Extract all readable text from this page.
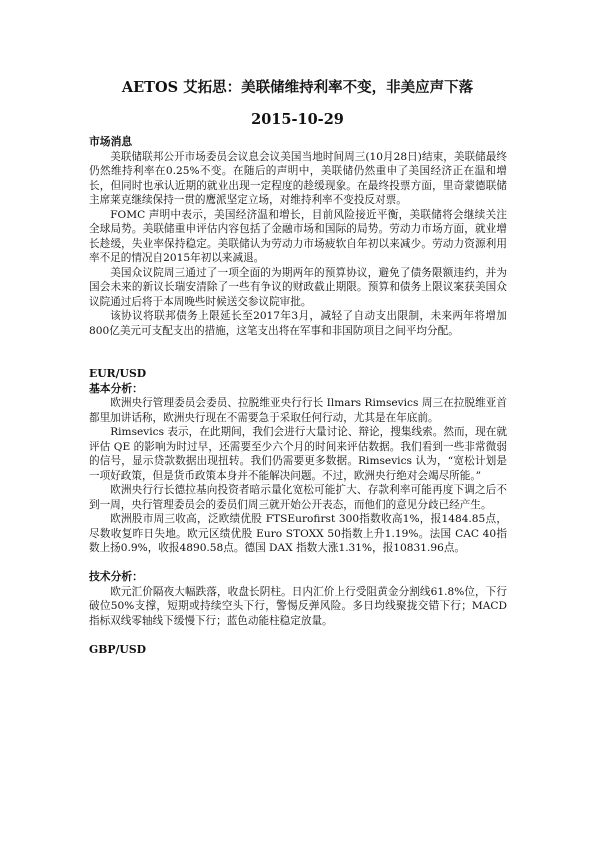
AETOS 艾拓思：美联储维持利率不变，非美应声下落
2015-10-29
市场消息

美联储联邦公开市场委员会议息会议美国当地时间周三(10月28日)结束，美联储最终仍然维持利率在0.25%不变。在随后的声明中，美联储仍然重申了美国经济正在温和增长，但同时也承认近期的就业出现一定程度的趁缓现象。在最终投票方面，里奇蒙德联储主席莱克继续保持一贯的鹰派坚定立场，对维持利率不变投反对票。

FOMC 声明中表示，美国经济温和增长，目前风险接近平衡，美联储将会继续关注全球局势。美联储重申评估内容包括了金融市场和国际的局势。劳动力市场方面，就业增长趁缓，失业率保持稳定。美联储认为劳动力市场疲软自年初以来减少。劳动力资源利用率不足的情况自2015年初以来减退。

美国众议院周三通过了一项全面的为期两年的预算协议，避免了债务限额违约，并为国会未来的新议长瑞安清除了一些有争议的财政截止期限。预算和债务上限议案获美国众议院通过后将于本周晚些时候送交参议院审批。

该协议将联邦债务上限延长至2017年3月，减轻了自动支出限制，未来两年将增加800亿美元可支配支出的措施，这笔支出将在军事和非国防项目之间平均分配。

EUR/USD
基本分析：

欧洲央行管理委员会委员、拉脱维亚央行行长 Ilmars Rimsevics 周三在拉脱维亚首都里加讲话称，欧洲央行现在不需要急于采取任何行动，尤其是在年底前。

Rimsevics 表示，在此期间，我们会进行大量讨论、辩论，搜集线索。然而，现在就评估 QE 的影响为时过早，还需要至少六个月的时间来评估数据。我们看到一些非常微弱的信号，显示贷款数据出现扭转。我们仍需要更多数据。Rimsevics 认为，“宽松计划是一项好政策，但是货币政策本身并不能解决问题。不过，欧洲央行绝对会竭尽所能。”

欧洲央行行长德拉基向投资者暗示量化宽松可能扩大、存款利率可能再度下调之后不到一周，央行管理委员会的委员们周三就开始公开表态，而他们的意见分歧已经产生。

欧洲股市周三收高，泛欧绩优股 FTSEurofirst 300指数收高1%，报1484.85点，尽数收复昨日失地。欧元区绩优股 Euro STOXX 50指数上升1.19%。法国 CAC 40指数上扬0.9%，收报4890.58点。德国 DAX 指数大涨1.31%，报10831.96点。

技术分析：

欧元汇价隔夜大幅跌落，收盘长阴柱。日内汇价上行受阻黄金分割线61.8%位，下行破位50%支撑，短期或持续空头下行，警惕反弹风险。多日均线聚拢交错下行；MACD 指标双线零轴线下缓慢下行；蓝色动能柱稳定放量。

GBP/USD
